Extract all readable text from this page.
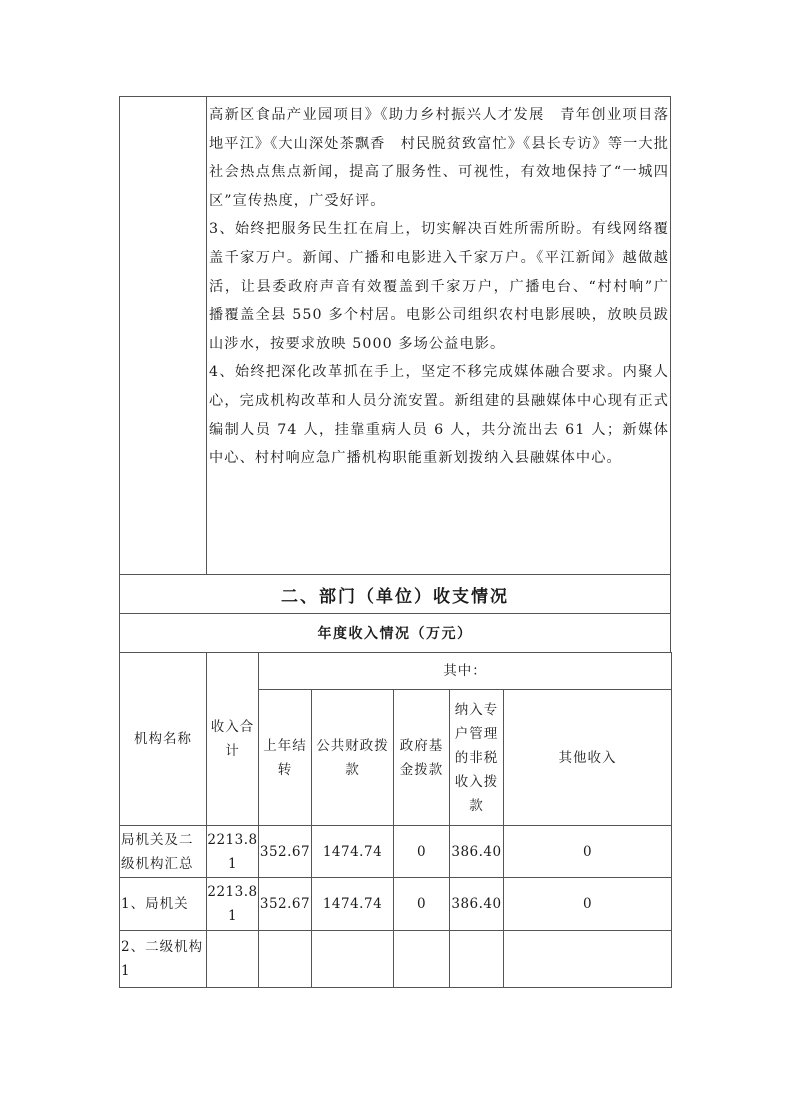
高新区食品产业园项目》《助力乡村振兴人才发展　青年创业项目落地平江》《大山深处茶飘香　村民脱贫致富忙》《县长专访》等一大批社会热点焦点新闻，提高了服务性、可视性，有效地保持了“一城四区”宣传热度，广受好评。

3、始终把服务民生扛在肩上，切实解决百姓所需所盼。有线网络覆盖千家万户。新闻、广播和电影进入千家万户。《平江新闻》越做越活，让县委政府声音有效覆盖到千家万户，广播电台、“村村响”广播覆盖全县 550 多个村居。电影公司组织农村电影展映，放映员跋山涉水，按要求放映 5000 多场公益电影。

4、始终把深化改革抓在手上，坚定不移完成媒体融合要求。内聚人心，完成机构改革和人员分流安置。新组建的县融媒体中心现有正式编制人员 74 人，挂靠重病人员 6 人，共分流出去 61 人；新媒体中心、村村响应急广播机构职能重新划拨纳入县融媒体中心。

二、部门（单位）收支情况
年度收入情况（万元）
机构名称	收入合计	其中：				
		上年结转	公共财政拨款	政府基金拨款	纳入专户管理的非税收入拨款	其他收入
局机关及二级机构汇总	2213.81	352.67	1474.74	0	386.40	0
1、局机关	2213.81	352.67	1474.74	0	386.40	0
2、二级机构1						
